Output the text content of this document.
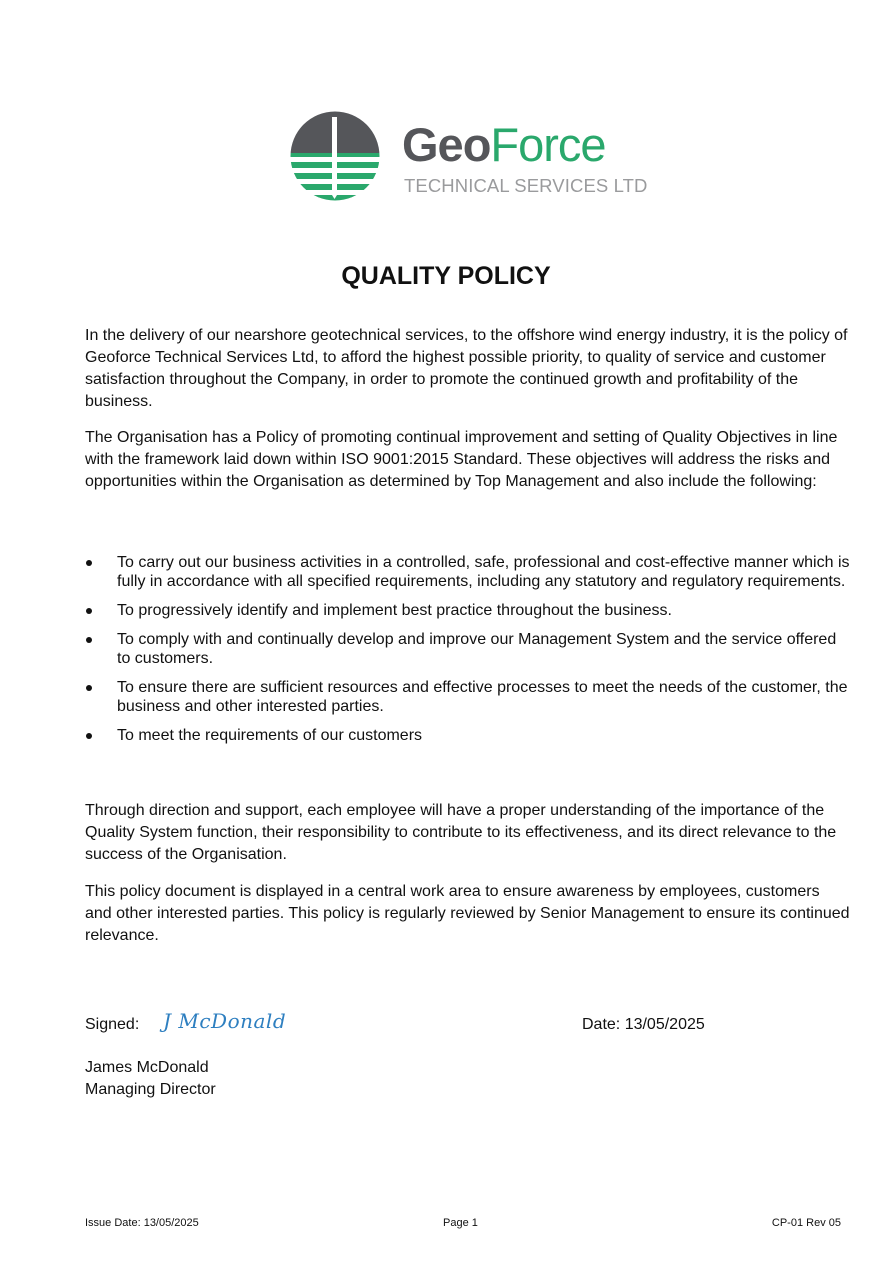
GeoForce
TECHNICAL SERVICES LTD
QUALITY POLICY

In the delivery of our nearshore geotechnical services, to the offshore wind energy industry, it is the policy of Geoforce Technical Services Ltd, to afford the highest possible priority, to quality of service and customer satisfaction throughout the Company, in order to promote the continued growth and profitability of the business.

The Organisation has a Policy of promoting continual improvement and setting of Quality Objectives in line with the framework laid down within ISO 9001:2015 Standard. These objectives will address the risks and opportunities within the Organisation as determined by Top Management and also include the following:

To carry out our business activities in a controlled, safe, professional and cost-effective manner which is fully in accordance with all specified requirements, including any statutory and regulatory requirements.
To progressively identify and implement best practice throughout the business.
To comply with and continually develop and improve our Management System and the service offered to customers.
To ensure there are sufficient resources and effective processes to meet the needs of the customer, the business and other interested parties.
To meet the requirements of our customers

Through direction and support, each employee will have a proper understanding of the importance of the Quality System function, their responsibility to contribute to its effectiveness, and its direct relevance to the success of the Organisation.

This policy document is displayed in a central work area to ensure awareness by employees, customers and other interested parties. This policy is regularly reviewed by Senior Management to ensure its continued relevance.

Signed: J McDonald	Date: 13/05/2025
James McDonald
Managing Director
Issue Date: 13/05/2025	Page 1	CP-01 Rev 05
